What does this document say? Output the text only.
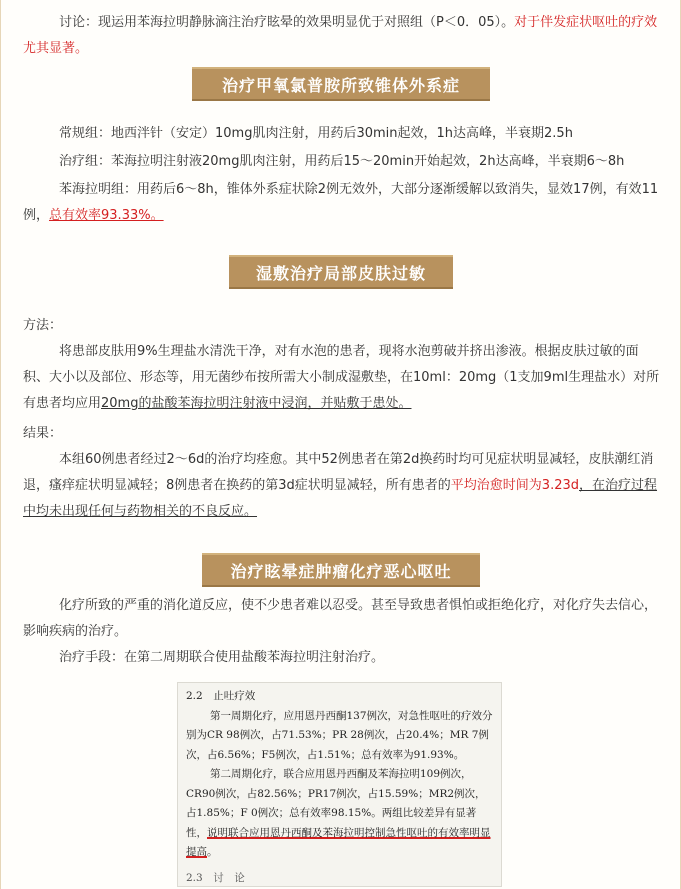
讨论：现运用苯海拉明静脉滴注治疗眩晕的效果明显优于对照组（P＜0．05）。对于伴发症状呕吐的疗效尤其显著。

治疗甲氧氯普胺所致锥体外系症

常规组：地西泮针（安定）10mg肌肉注射，用药后30min起效，1h达高峰，半衰期2.5h

治疗组：苯海拉明注射液20mg肌肉注射，用药后15～20min开始起效，2h达高峰，半衰期6～8h

苯海拉明组：用药后6～8h，锥体外系症状除2例无效外，大部分逐渐缓解以致消失，显效17例，有效11例，总有效率93.33%。

湿敷治疗局部皮肤过敏

方法：

将患部皮肤用9%生理盐水清洗干净，对有水泡的患者，现将水泡剪破并挤出渗液。根据皮肤过敏的面积、大小以及部位、形态等，用无菌纱布按所需大小制成湿敷垫，在10ml：20mg（1支加9ml生理盐水）对所有患者均应用20mg的盐酸苯海拉明注射液中浸润，并贴敷于患处。

结果：

本组60例患者经过2～6d的治疗均痊愈。其中52例患者在第2d换药时均可见症状明显减轻，皮肤潮红消退，瘙痒症状明显减轻；8例患者在换药的第3d症状明显减轻，所有患者的平均治愈时间为3.23d，在治疗过程中均未出现任何与药物相关的不良反应。

治疗眩晕症肿瘤化疗恶心呕吐

化疗所致的严重的消化道反应，使不少患者难以忍受。甚至导致患者惧怕或拒绝化疗，对化疗失去信心，影响疾病的治疗。

治疗手段：在第二周期联合使用盐酸苯海拉明注射治疗。

2.2　止吐疗效

第一周期化疗，应用恩丹西酮137例次，对急性呕吐的疗效分别为CR 98例次，占71.53%；PR 28例次，占20.4%；MR 7例次，占6.56%；F5例次，占1.51%；总有效率为91.93%。

第二周期化疗，联合应用恩丹西酮及苯海拉明109例次，CR90例次，占82.56%；PR17例次，占15.59%；MR2例次，占1.85%；F 0例次；总有效率98.15%。两组比较差异有显著性，说明联合应用恩丹西酮及苯海拉明控制急性呕吐的有效率明显提高。

2.3　讨　论
